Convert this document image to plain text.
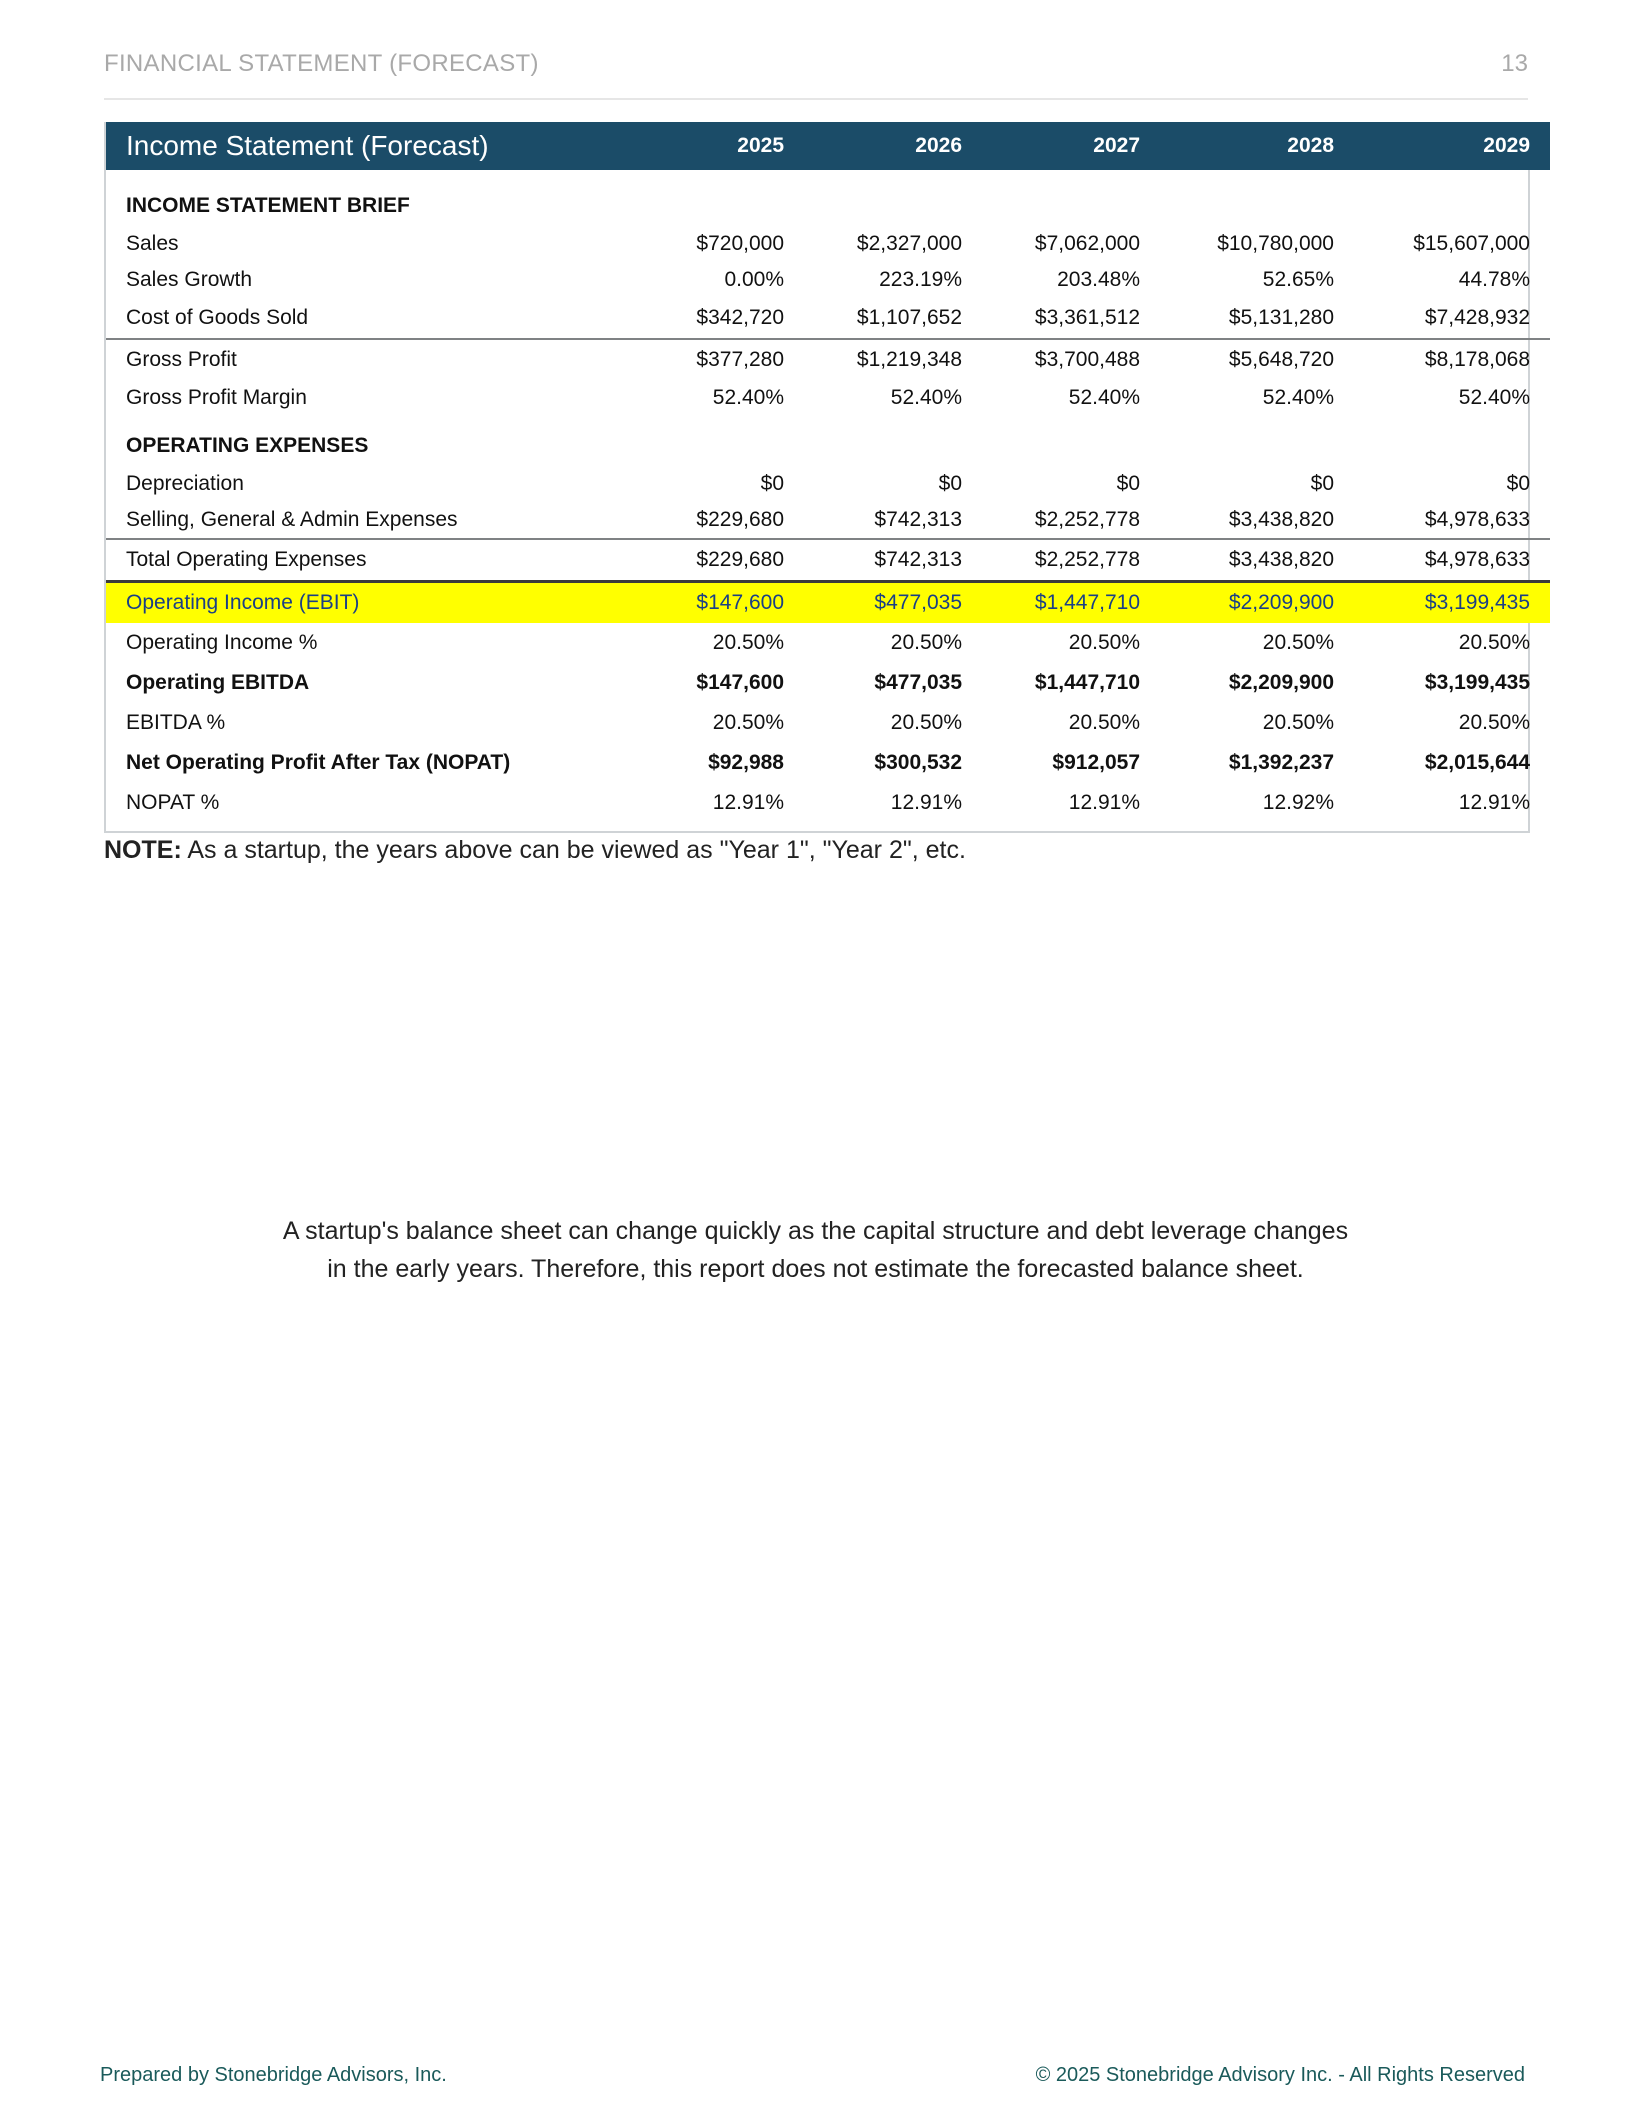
FINANCIAL STATEMENT (FORECAST)	13
Income Statement (Forecast)	2025	2026	2027	2028	2029
INCOME STATEMENT BRIEF					
Sales	$720,000	$2,327,000	$7,062,000	$10,780,000	$15,607,000
Sales Growth	0.00%	223.19%	203.48%	52.65%	44.78%
Cost of Goods Sold	$342,720	$1,107,652	$3,361,512	$5,131,280	$7,428,932
Gross Profit	$377,280	$1,219,348	$3,700,488	$5,648,720	$8,178,068
Gross Profit Margin	52.40%	52.40%	52.40%	52.40%	52.40%
OPERATING EXPENSES					
Depreciation	$0	$0	$0	$0	$0
Selling, General & Admin Expenses	$229,680	$742,313	$2,252,778	$3,438,820	$4,978,633
Total Operating Expenses	$229,680	$742,313	$2,252,778	$3,438,820	$4,978,633
Operating Income (EBIT)	$147,600	$477,035	$1,447,710	$2,209,900	$3,199,435
Operating Income %	20.50%	20.50%	20.50%	20.50%	20.50%
Operating EBITDA	$147,600	$477,035	$1,447,710	$2,209,900	$3,199,435
EBITDA %	20.50%	20.50%	20.50%	20.50%	20.50%
Net Operating Profit After Tax (NOPAT)	$92,988	$300,532	$912,057	$1,392,237	$2,015,644
NOPAT %	12.91%	12.91%	12.91%	12.92%	12.91%
NOTE: As a startup, the years above can be viewed as "Year 1", "Year 2", etc.
A startup's balance sheet can change quickly as the capital structure and debt leverage changes
in the early years. Therefore, this report does not estimate the forecasted balance sheet.
Prepared by Stonebridge Advisors, Inc.	© 2025 Stonebridge Advisory Inc. - All Rights Reserved
